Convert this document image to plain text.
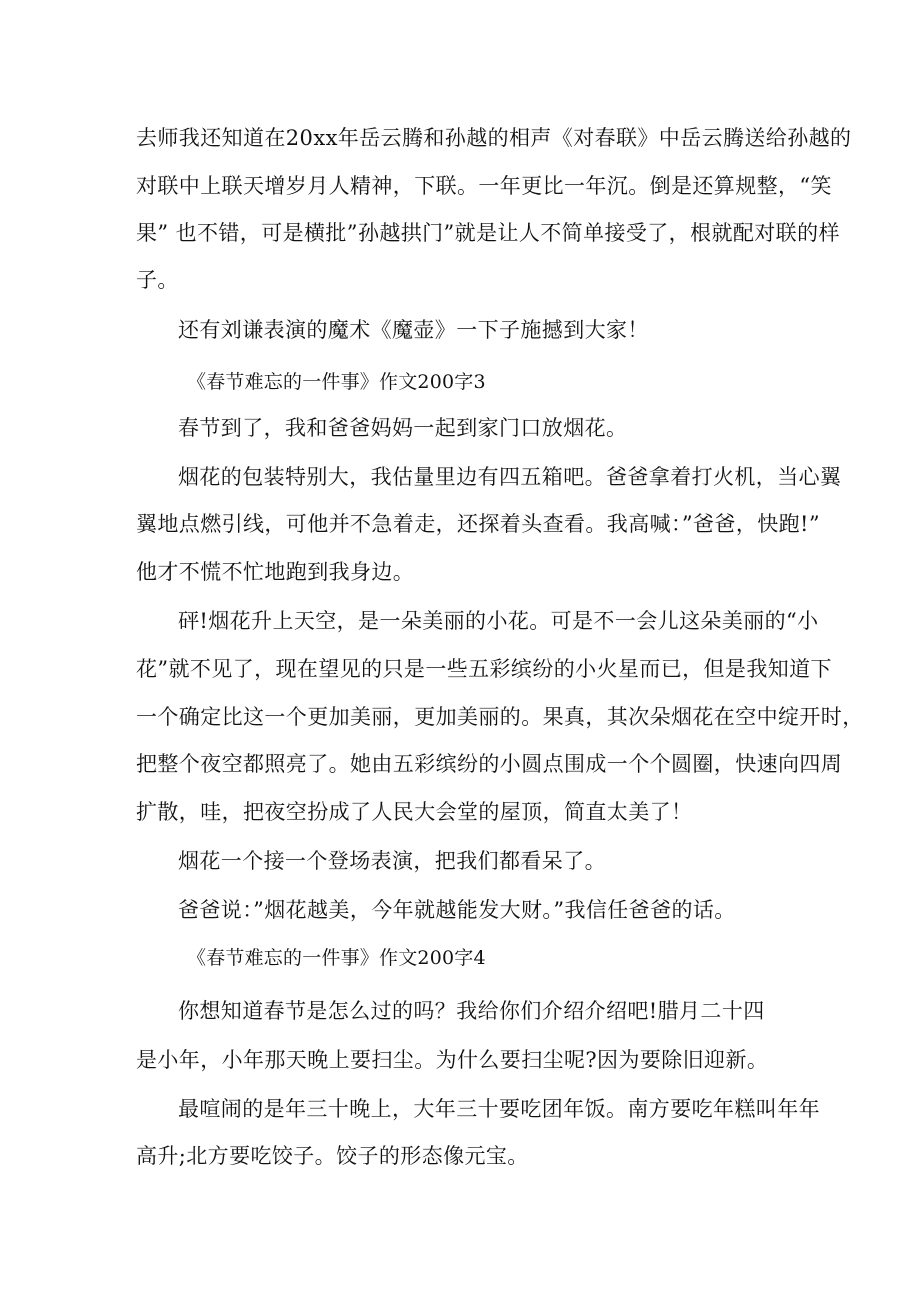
去师我还知道在20xx年岳云腾和孙越的相声《对春联》中岳云腾送给孙越的
对联中上联天增岁月人精神，下联。一年更比一年沉。倒是还算规整，“笑
果” 也不错，可是横批”孙越拱门”就是让人不简单接受了，根就配对联的样
子。
还有刘谦表演的魔术《魔壶》一下子施撼到大家！
《春节难忘的一件事》作文200字3
春节到了，我和爸爸妈妈一起到家门口放烟花。
烟花的包装特别大，我估量里边有四五箱吧。爸爸拿着打火机，当心翼
翼地点燃引线，可他并不急着走，还探着头查看。我高喊：”爸爸，快跑!”
他才不慌不忙地跑到我身边。
砰!烟花升上天空，是一朵美丽的小花。可是不一会儿这朵美丽的“小
花”就不见了，现在望见的只是一些五彩缤纷的小火星而已，但是我知道下
一个确定比这一个更加美丽，更加美丽的。果真，其次朵烟花在空中绽开时，
把整个夜空都照亮了。她由五彩缤纷的小圆点围成一个个圆圈，快速向四周
扩散，哇，把夜空扮成了人民大会堂的屋顶，简直太美了！
烟花一个接一个登场表演，把我们都看呆了。
爸爸说：”烟花越美，今年就越能发大财。”我信任爸爸的话。
《春节难忘的一件事》作文200字4
你想知道春节是怎么过的吗？我给你们介绍介绍吧!腊月二十四
是小年，小年那天晚上要扫尘。为什么要扫尘呢?因为要除旧迎新。
最喧闹的是年三十晚上，大年三十要吃团年饭。南方要吃年糕叫年年
高升;北方要吃饺子。饺子的形态像元宝。
